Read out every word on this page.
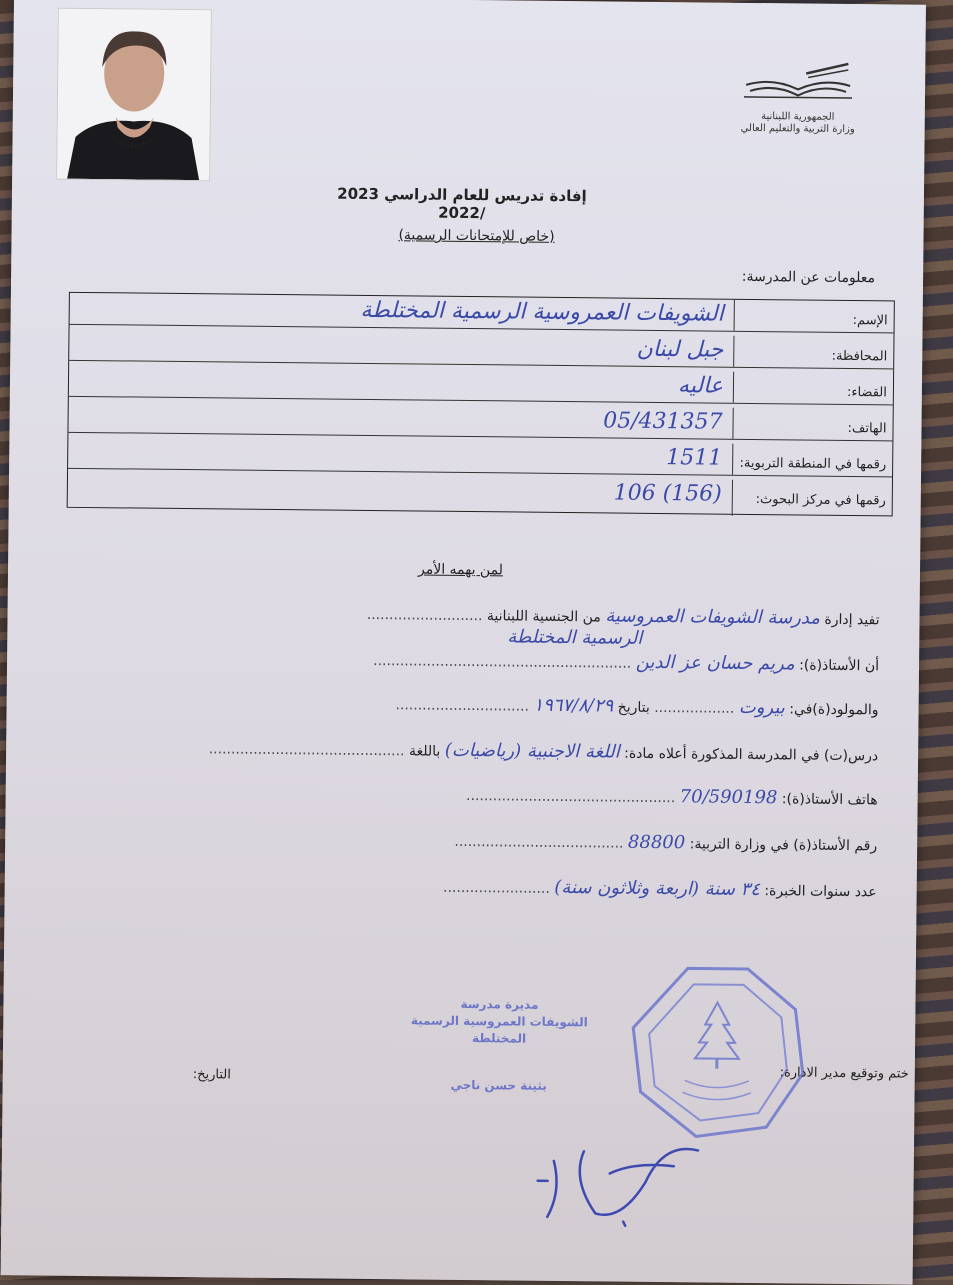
الجمهورية اللبنانية
وزارة التربية والتعليم العالي
إفادة تدريس للعام الدراسي 2023 /2022
(خاص للإمتحانات الرسمية)
معلومات عن المدرسة:
الإسم:
الشويفات العمروسية الرسمية المختلطة
المحافظة:
جبل لبنان
القضاء:
عاليه
الهاتف:
05/431357
رقمها في المنطقة التربوية:
1511
رقمها في مركز البحوث:
(156) 106
لمن يهمه الأمر
تفيد إدارة مدرسة الشويفات العمروسية من الجنسية اللبنانية ..........................
الرسمية المختلطة
أن الأستاذ(ة): مريم حسان عز الدين ..........................................................
والمولود(ة)في: بيروت .................. بتاريخ ١٩٦٧/٨/٢٩ ..............................
درس(ت) في المدرسة المذكورة أعلاه مادة: اللغة الاجنبية (رياضيات) باللغة ............................................
هاتف الأستاذ(ة): 70/590198 ...............................................
رقم الأستاذ(ة) في وزارة التربية: 88800 ......................................
عدد سنوات الخبرة: ٣٤ سنة (اربعة وثلاثون سنة) ........................
مديرة مدرسة
الشويفات العمروسية الرسمية المختلطة
بثينة حسن ناجي
ختم وتوقيع مدير الادارة:
التاريخ:
